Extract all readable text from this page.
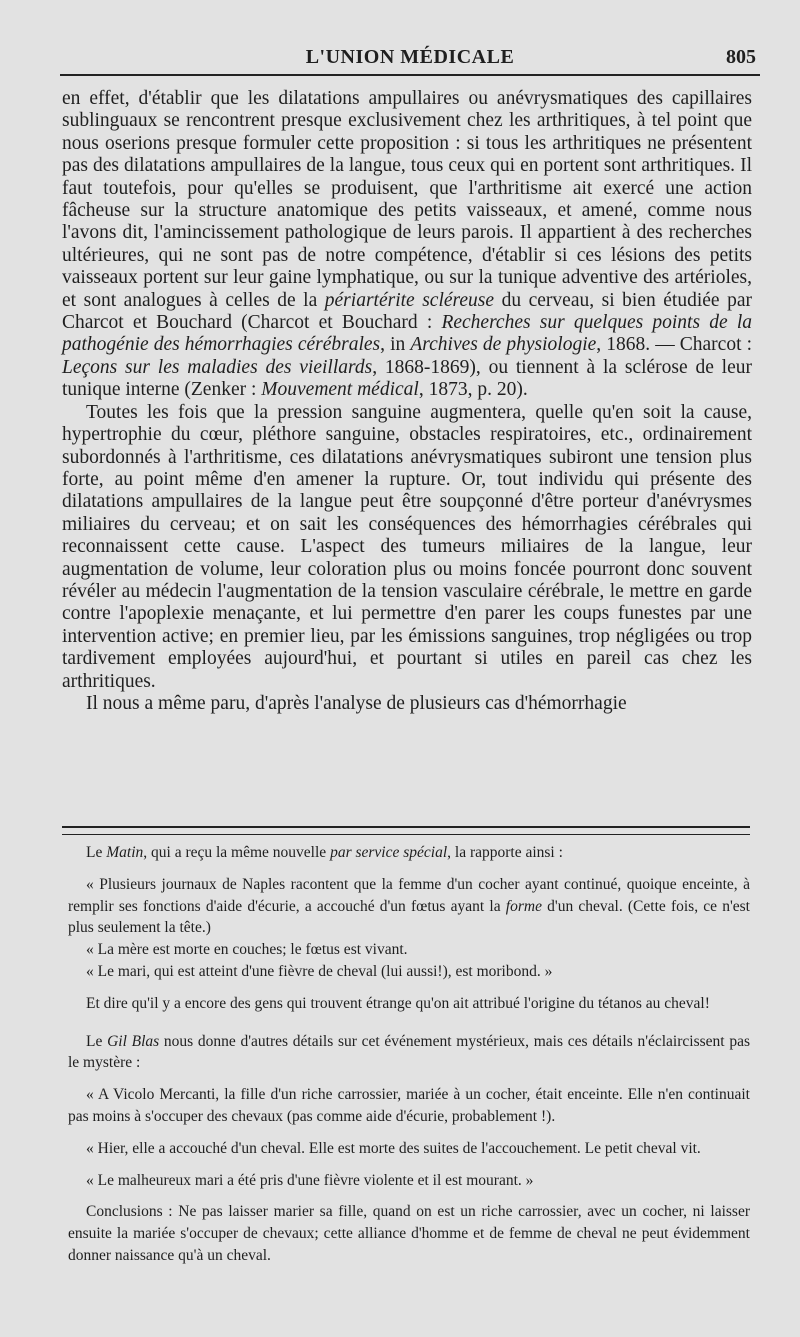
L'UNION MÉDICALE	805

en effet, d'établir que les dilatations ampullaires ou anévrysmatiques des capillaires sublinguaux se rencontrent presque exclusivement chez les arthritiques, à tel point que nous oserions presque formuler cette proposition : si tous les arthritiques ne présentent pas des dilatations ampullaires de la langue, tous ceux qui en portent sont arthritiques. Il faut toutefois, pour qu'elles se produisent, que l'arthritisme ait exercé une action fâcheuse sur la structure anatomique des petits vaisseaux, et amené, comme nous l'avons dit, l'amincissement pathologique de leurs parois. Il appartient à des recherches ultérieures, qui ne sont pas de notre compétence, d'établir si ces lésions des petits vaisseaux portent sur leur gaine lymphatique, ou sur la tunique adventive des artérioles, et sont analogues à celles de la périartérite scléreuse du cerveau, si bien étudiée par Charcot et Bouchard (Charcot et Bouchard : Recherches sur quelques points de la pathogénie des hémorrhagies cérébrales, in Archives de physiologie, 1868. — Charcot : Leçons sur les maladies des vieillards, 1868-1869), ou tiennent à la sclérose de leur tunique interne (Zenker : Mouvement médical, 1873, p. 20).

Toutes les fois que la pression sanguine augmentera, quelle qu'en soit la cause, hypertrophie du cœur, pléthore sanguine, obstacles respiratoires, etc., ordinairement subordonnés à l'arthritisme, ces dilatations anévrysmatiques subiront une tension plus forte, au point même d'en amener la rupture. Or, tout individu qui présente des dilatations ampullaires de la langue peut être soupçonné d'être porteur d'anévrysmes miliaires du cerveau; et on sait les conséquences des hémorrhagies cérébrales qui reconnaissent cette cause. L'aspect des tumeurs miliaires de la langue, leur augmentation de volume, leur coloration plus ou moins foncée pourront donc souvent révéler au médecin l'augmentation de la tension vasculaire cérébrale, le mettre en garde contre l'apoplexie menaçante, et lui permettre d'en parer les coups funestes par une intervention active; en premier lieu, par les émissions sanguines, trop négligées ou trop tardivement employées aujourd'hui, et pourtant si utiles en pareil cas chez les arthritiques.

Il nous a même paru, d'après l'analyse de plusieurs cas d'hémorrhagie

Le Matin, qui a reçu la même nouvelle par service spécial, la rapporte ainsi :

« Plusieurs journaux de Naples racontent que la femme d'un cocher ayant continué, quoique enceinte, à remplir ses fonctions d'aide d'écurie, a accouché d'un fœtus ayant la forme d'un cheval. (Cette fois, ce n'est plus seulement la tête.)

« La mère est morte en couches; le fœtus est vivant.

« Le mari, qui est atteint d'une fièvre de cheval (lui aussi!), est moribond. »

Et dire qu'il y a encore des gens qui trouvent étrange qu'on ait attribué l'origine du tétanos au cheval!

Le Gil Blas nous donne d'autres détails sur cet événement mystérieux, mais ces détails n'éclaircissent pas le mystère :

« A Vicolo Mercanti, la fille d'un riche carrossier, mariée à un cocher, était enceinte. Elle n'en continuait pas moins à s'occuper des chevaux (pas comme aide d'écurie, probablement !).

« Hier, elle a accouché d'un cheval. Elle est morte des suites de l'accouchement. Le petit cheval vit.

« Le malheureux mari a été pris d'une fièvre violente et il est mourant. »

Conclusions : Ne pas laisser marier sa fille, quand on est un riche carrossier, avec un cocher, ni laisser ensuite la mariée s'occuper de chevaux; cette alliance d'homme et de femme de cheval ne peut évidemment donner naissance qu'à un cheval.
